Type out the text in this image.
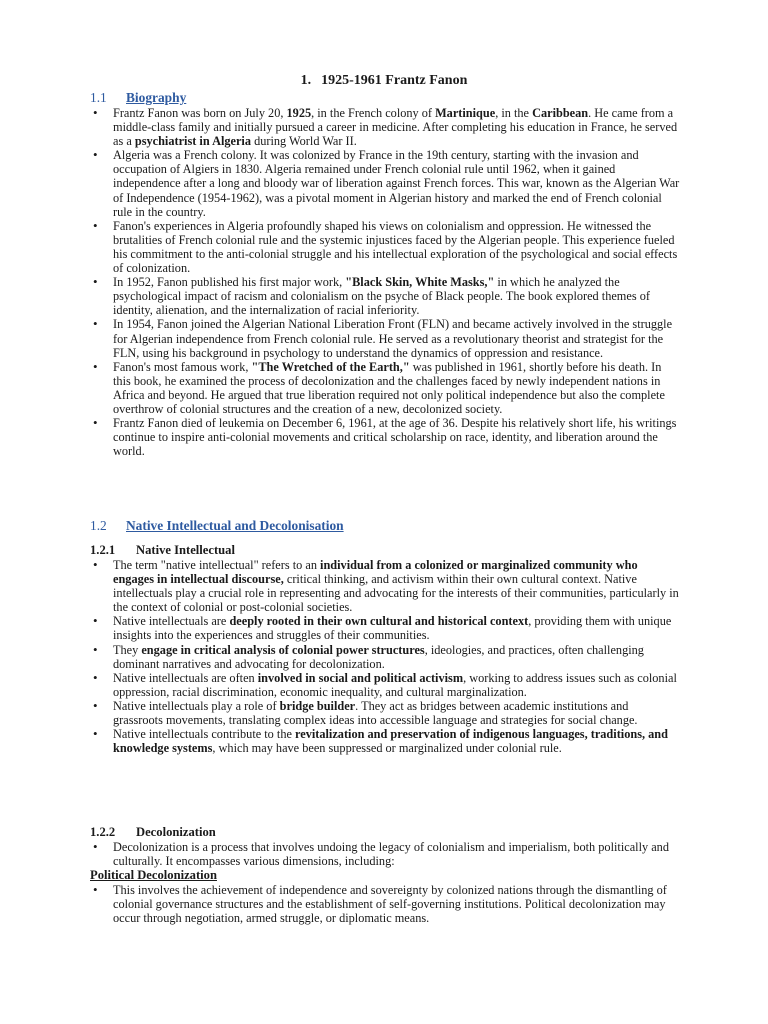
1. 1925-1961 Frantz Fanon
1.1 Biography
• Frantz Fanon was born on July 20, 1925, in the French colony of Martinique, in the Caribbean. He came from a middle-class family and initially pursued a career in medicine. After completing his education in France, he served as a psychiatrist in Algeria during World War II.
• Algeria was a French colony. It was colonized by France in the 19th century, starting with the invasion and occupation of Algiers in 1830. Algeria remained under French colonial rule until 1962, when it gained independence after a long and bloody war of liberation against French forces. This war, known as the Algerian War of Independence (1954-1962), was a pivotal moment in Algerian history and marked the end of French colonial rule in the country.
• Fanon's experiences in Algeria profoundly shaped his views on colonialism and oppression. He witnessed the brutalities of French colonial rule and the systemic injustices faced by the Algerian people. This experience fueled his commitment to the anti-colonial struggle and his intellectual exploration of the psychological and social effects of colonization.
• In 1952, Fanon published his first major work, "Black Skin, White Masks," in which he analyzed the psychological impact of racism and colonialism on the psyche of Black people. The book explored themes of identity, alienation, and the internalization of racial inferiority.
• In 1954, Fanon joined the Algerian National Liberation Front (FLN) and became actively involved in the struggle for Algerian independence from French colonial rule. He served as a revolutionary theorist and strategist for the FLN, using his background in psychology to understand the dynamics of oppression and resistance.
• Fanon's most famous work, "The Wretched of the Earth," was published in 1961, shortly before his death. In this book, he examined the process of decolonization and the challenges faced by newly independent nations in Africa and beyond. He argued that true liberation required not only political independence but also the complete overthrow of colonial structures and the creation of a new, decolonized society.
• Frantz Fanon died of leukemia on December 6, 1961, at the age of 36. Despite his relatively short life, his writings continue to inspire anti-colonial movements and critical scholarship on race, identity, and liberation around the world.
1.2 Native Intellectual and Decolonisation
1.2.1 Native Intellectual
• The term "native intellectual" refers to an individual from a colonized or marginalized community who engages in intellectual discourse, critical thinking, and activism within their own cultural context. Native intellectuals play a crucial role in representing and advocating for the interests of their communities, particularly in the context of colonial or post-colonial societies.
• Native intellectuals are deeply rooted in their own cultural and historical context, providing them with unique insights into the experiences and struggles of their communities.
• They engage in critical analysis of colonial power structures, ideologies, and practices, often challenging dominant narratives and advocating for decolonization.
• Native intellectuals are often involved in social and political activism, working to address issues such as colonial oppression, racial discrimination, economic inequality, and cultural marginalization.
• Native intellectuals play a role of bridge builder. They act as bridges between academic institutions and grassroots movements, translating complex ideas into accessible language and strategies for social change.
• Native intellectuals contribute to the revitalization and preservation of indigenous languages, traditions, and knowledge systems, which may have been suppressed or marginalized under colonial rule.
1.2.2 Decolonization
• Decolonization is a process that involves undoing the legacy of colonialism and imperialism, both politically and culturally. It encompasses various dimensions, including:
Political Decolonization
• This involves the achievement of independence and sovereignty by colonized nations through the dismantling of colonial governance structures and the establishment of self-governing institutions. Political decolonization may occur through negotiation, armed struggle, or diplomatic means.
